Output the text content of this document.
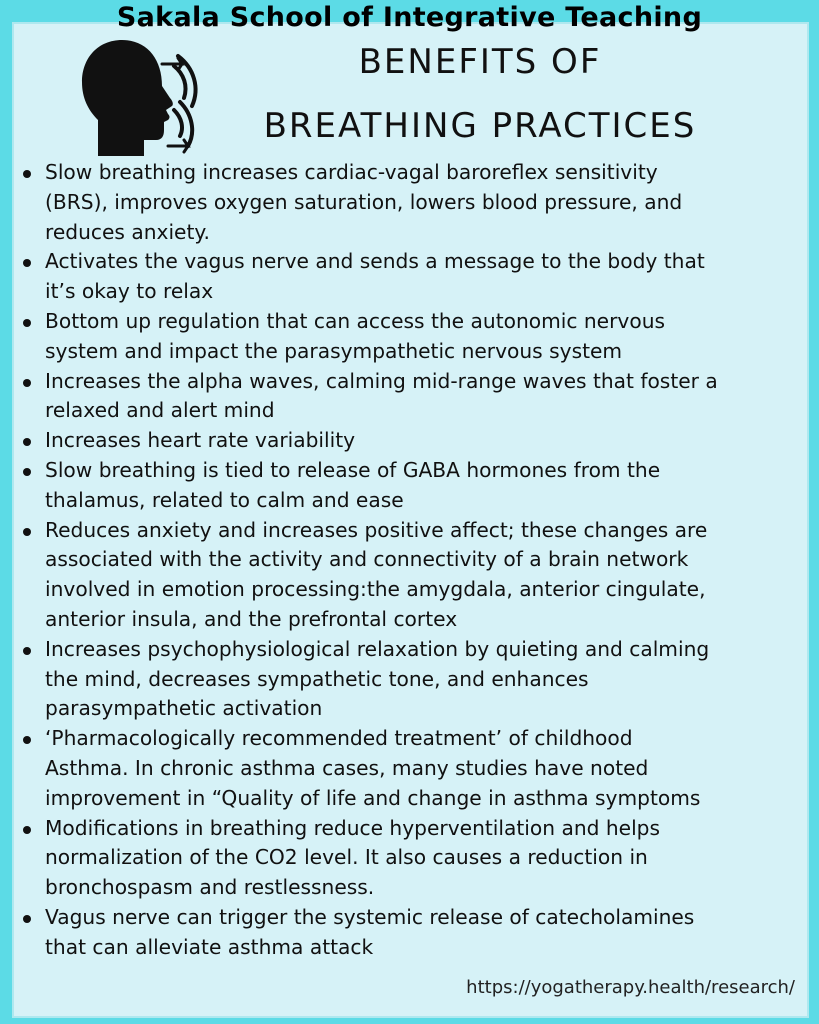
Sakala School of Integrative Teaching
BENEFITS OF
BREATHING PRACTICES
Slow breathing increases cardiac-vagal baroreflex sensitivity
(BRS), improves oxygen saturation, lowers blood pressure, and
reduces anxiety.
Activates the vagus nerve and sends a message to the body that
it’s okay to relax
Bottom up regulation that can access the autonomic nervous
system and impact the parasympathetic nervous system
Increases the alpha waves, calming mid-range waves that foster a
relaxed and alert mind
Increases heart rate variability
Slow breathing is tied to release of GABA hormones from the
thalamus, related to calm and ease
Reduces anxiety and increases positive affect; these changes are
associated with the activity and connectivity of a brain network
involved in emotion processing:the amygdala, anterior cingulate,
anterior insula, and the prefrontal cortex
Increases psychophysiological relaxation by quieting and calming
the mind, decreases sympathetic tone, and enhances
parasympathetic activation
‘Pharmacologically recommended treatment’ of childhood
Asthma. In chronic asthma cases, many studies have noted
improvement in “Quality of life and change in asthma symptoms
Modifications in breathing reduce hyperventilation and helps
normalization of the CO2 level. It also causes a reduction in
bronchospasm and restlessness.
Vagus nerve can trigger the systemic release of catecholamines
that can alleviate asthma attack
https://yogatherapy.health/research/
